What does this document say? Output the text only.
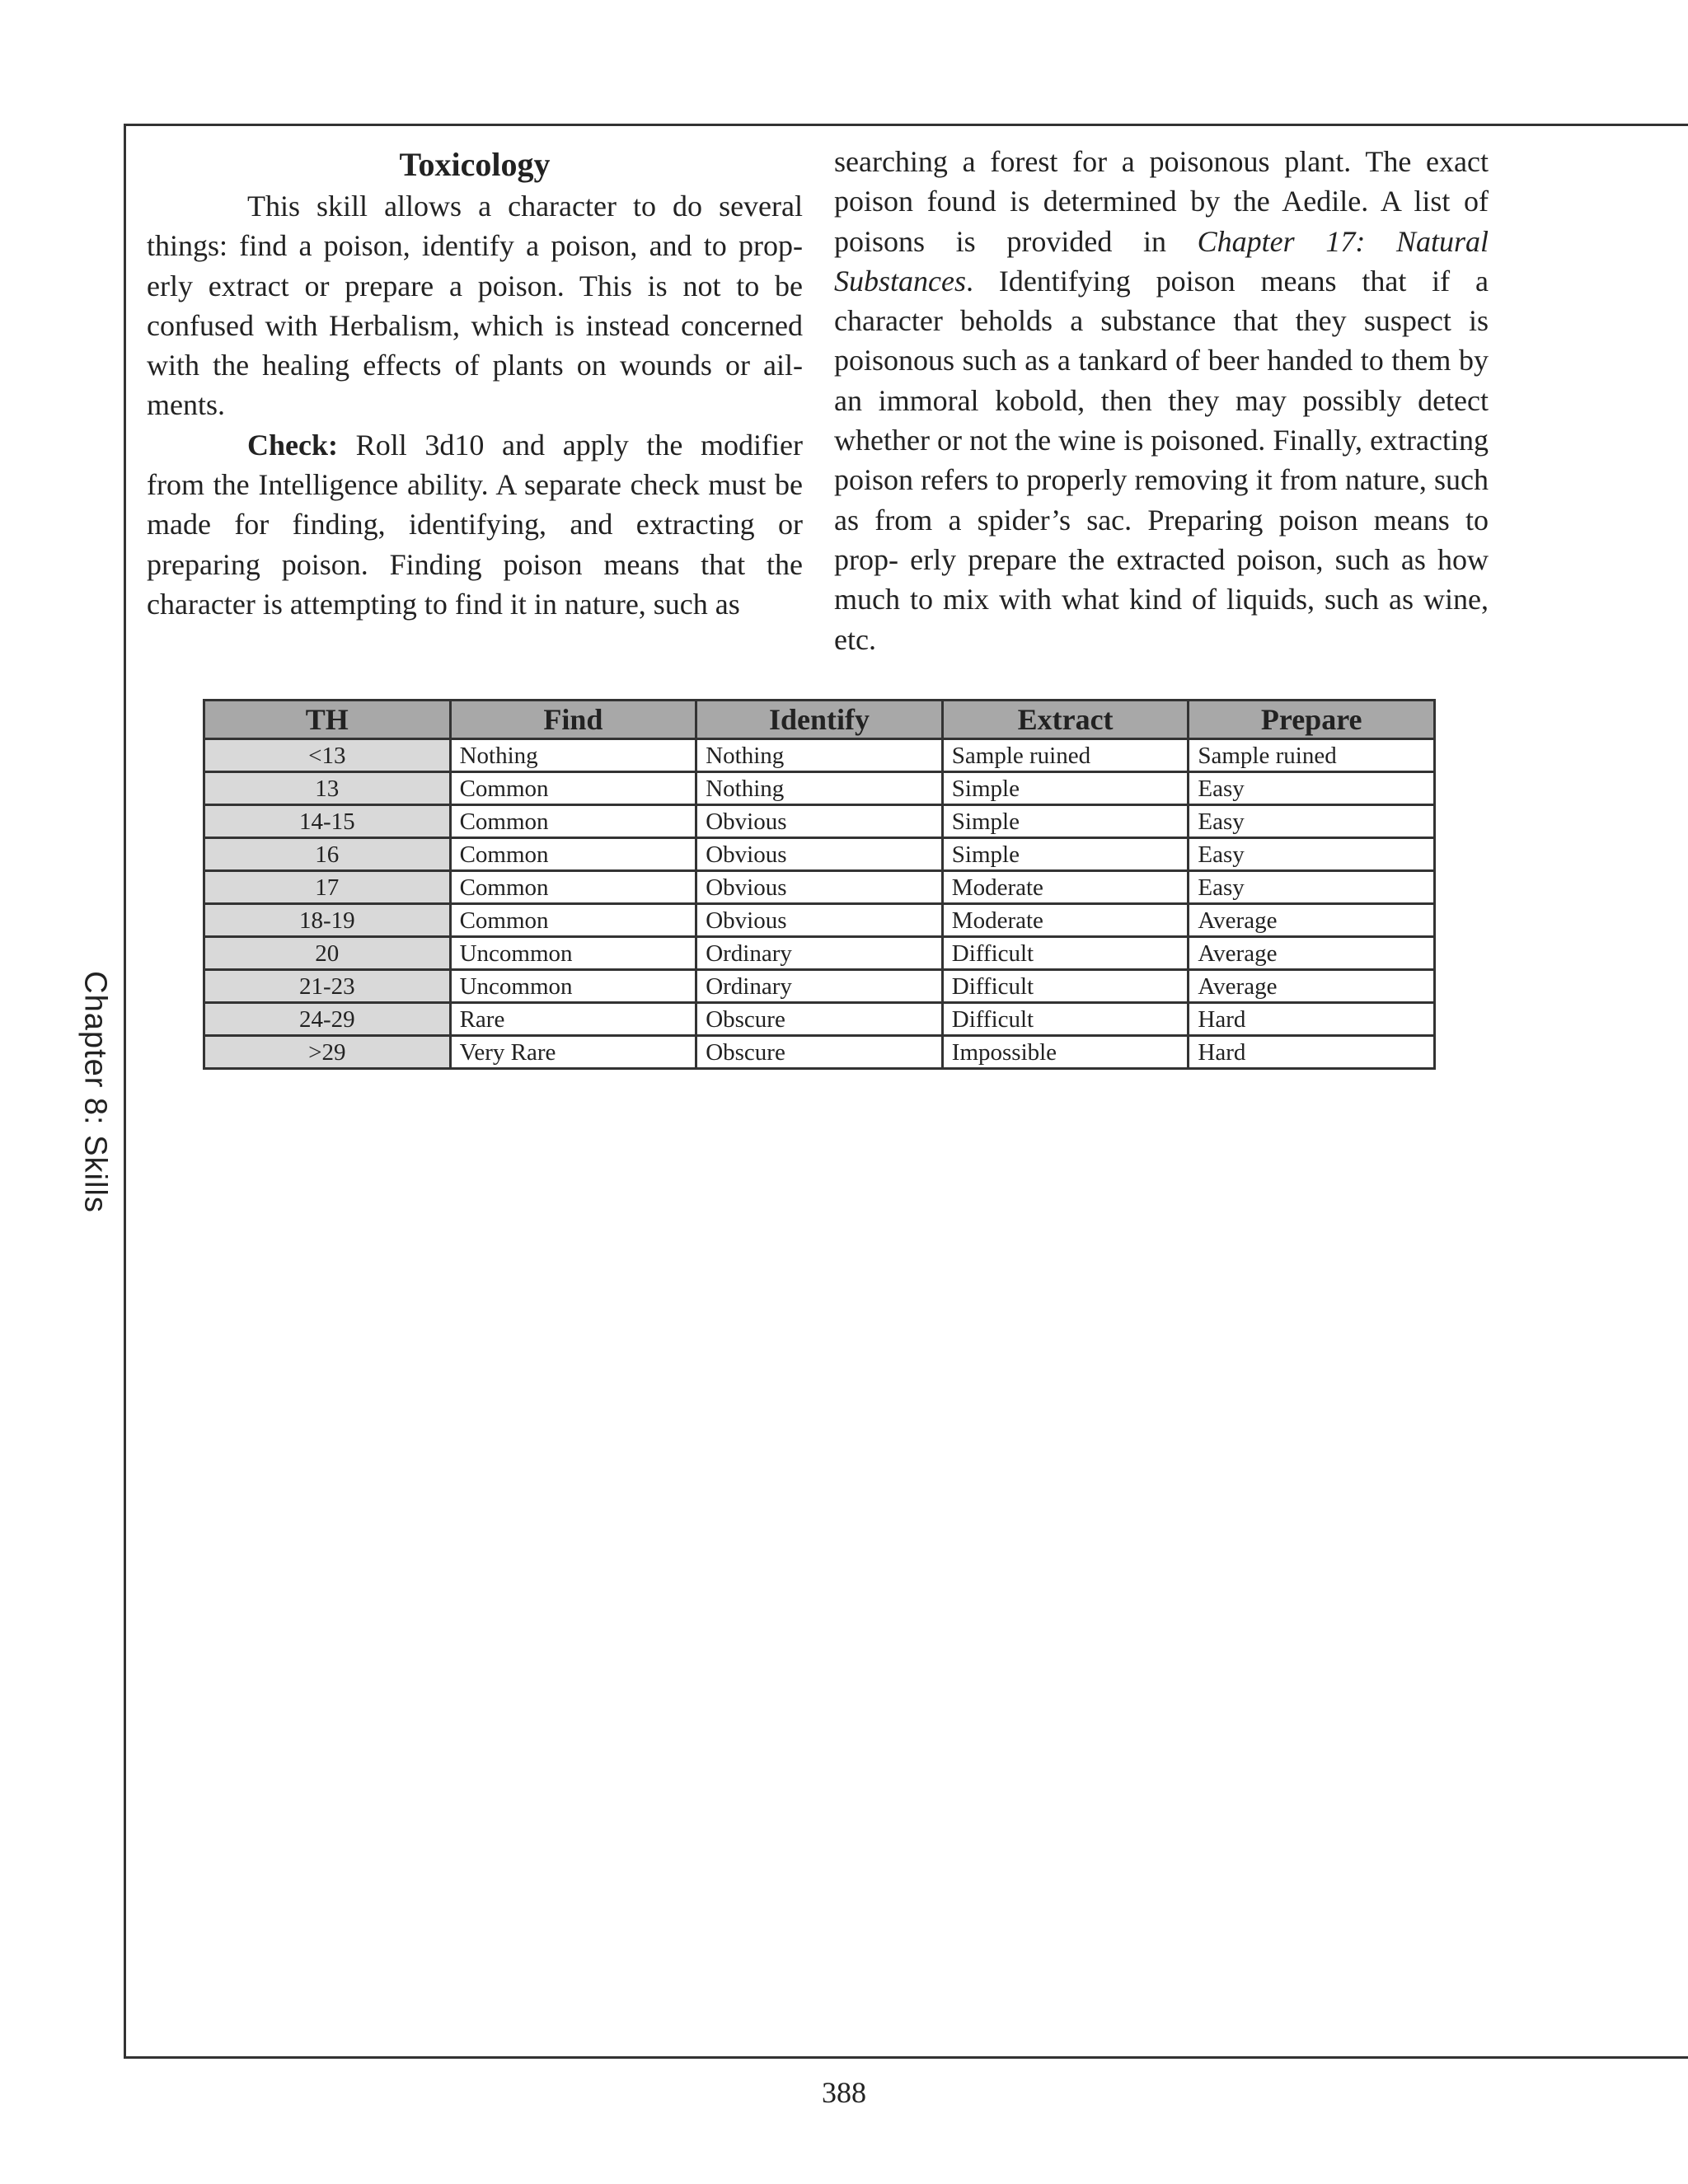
Chapter 8: Skills

Toxicology

This skill allows a character to do several things: find a poison, identify a poison, and to prop-erly extract or prepare a poison. This is not to be confused with Herbalism, which is instead concerned with the healing effects of plants on wounds or ail-ments.

Check: Roll 3d10 and apply the modifier from the Intelligence ability. A separate check must be made for finding, identifying, and extracting or preparing poison. Finding poison means that the character is attempting to find it in nature, such as

searching a forest for a poisonous plant. The exact poison found is determined by the Aedile. A list of poisons is provided in Chapter 17: Natural Substances. Identifying poison means that if a character beholds a substance that they suspect is poisonous such as a tankard of beer handed to them by an immoral kobold, then they may possibly detect whether or not the wine is poisoned. Finally, extracting poison refers to properly removing it from nature, such as from a spider’s sac. Preparing poison means to prop- erly prepare the extracted poison, such as how much to mix with what kind of liquids, such as wine, etc.

TH	Find	Identify	Extract	Prepare
<13	Nothing	Nothing	Sample ruined	Sample ruined
13	Common	Nothing	Simple	Easy
14-15	Common	Obvious	Simple	Easy
16	Common	Obvious	Simple	Easy
17	Common	Obvious	Moderate	Easy
18-19	Common	Obvious	Moderate	Average
20	Uncommon	Ordinary	Difficult	Average
21-23	Uncommon	Ordinary	Difficult	Average
24-29	Rare	Obscure	Difficult	Hard
>29	Very Rare	Obscure	Impossible	Hard
388
